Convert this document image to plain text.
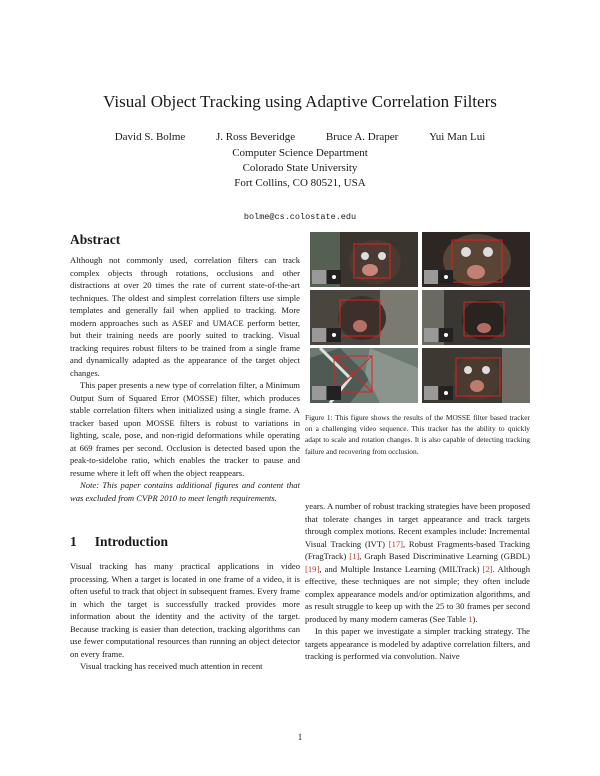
Visual Object Tracking using Adaptive Correlation Filters
David S. Bolme	J. Ross Beveridge	Bruce A. Draper	Yui Man Lui
Computer Science Department
Colorado State University
Fort Collins, CO 80521, USA
bolme@cs.colostate.edu
Abstract

Although not commonly used, correlation filters can track complex objects through rotations, occlusions and other distractions at over 20 times the rate of current state-of-the-art techniques. The oldest and simplest correlation filters use simple templates and generally fail when applied to tracking. More modern approaches such as ASEF and UMACE perform better, but their training needs are poorly suited to tracking. Visual tracking requires robust filters to be trained from a single frame and dynamically adapted as the appearance of the target object changes.

This paper presents a new type of correlation filter, a Minimum Output Sum of Squared Error (MOSSE) filter, which produces stable correlation filters when initialized using a single frame. A tracker based upon MOSSE filters is robust to variations in lighting, scale, pose, and non-rigid deformations while operating at 669 frames per second. Occlusion is detected based upon the peak-to-sidelobe ratio, which enables the tracker to pause and resume where it left off when the object reappears.

Note: This paper contains additional figures and content that was excluded from CVPR 2010 to meet length requirements.

1 Introduction

Visual tracking has many practical applications in video processing. When a target is located in one frame of a video, it is often useful to track that object in subsequent frames. Every frame in which the target is successfully tracked provides more information about the identity and the activity of the target. Because tracking is easier than detection, tracking algorithms can use fewer computational resources than running an object detector on every frame.

Visual tracking has received much attention in recent

Figure 1: This figure shows the results of the MOSSE filter based tracker on a challenging video sequence. This tracker has the ability to quickly adapt to scale and rotation changes. It is also capable of detecting tracking failure and recovering from occlusion.

years. A number of robust tracking strategies have been proposed that tolerate changes in target appearance and track targets through complex motions. Recent examples include: Incremental Visual Tracking (IVT) [17], Robust Fragments-based Tracking (FragTrack) [1], Graph Based Discriminative Learning (GBDL) [19], and Multiple Instance Learning (MILTrack) [2]. Although effective, these techniques are not simple; they often include complex appearance models and/or optimization algorithms, and as result struggle to keep up with the 25 to 30 frames per second produced by many modern cameras (See Table 1).

In this paper we investigate a simpler tracking strategy. The targets appearance is modeled by adaptive correlation filters, and tracking is performed via convolution. Naive

1
